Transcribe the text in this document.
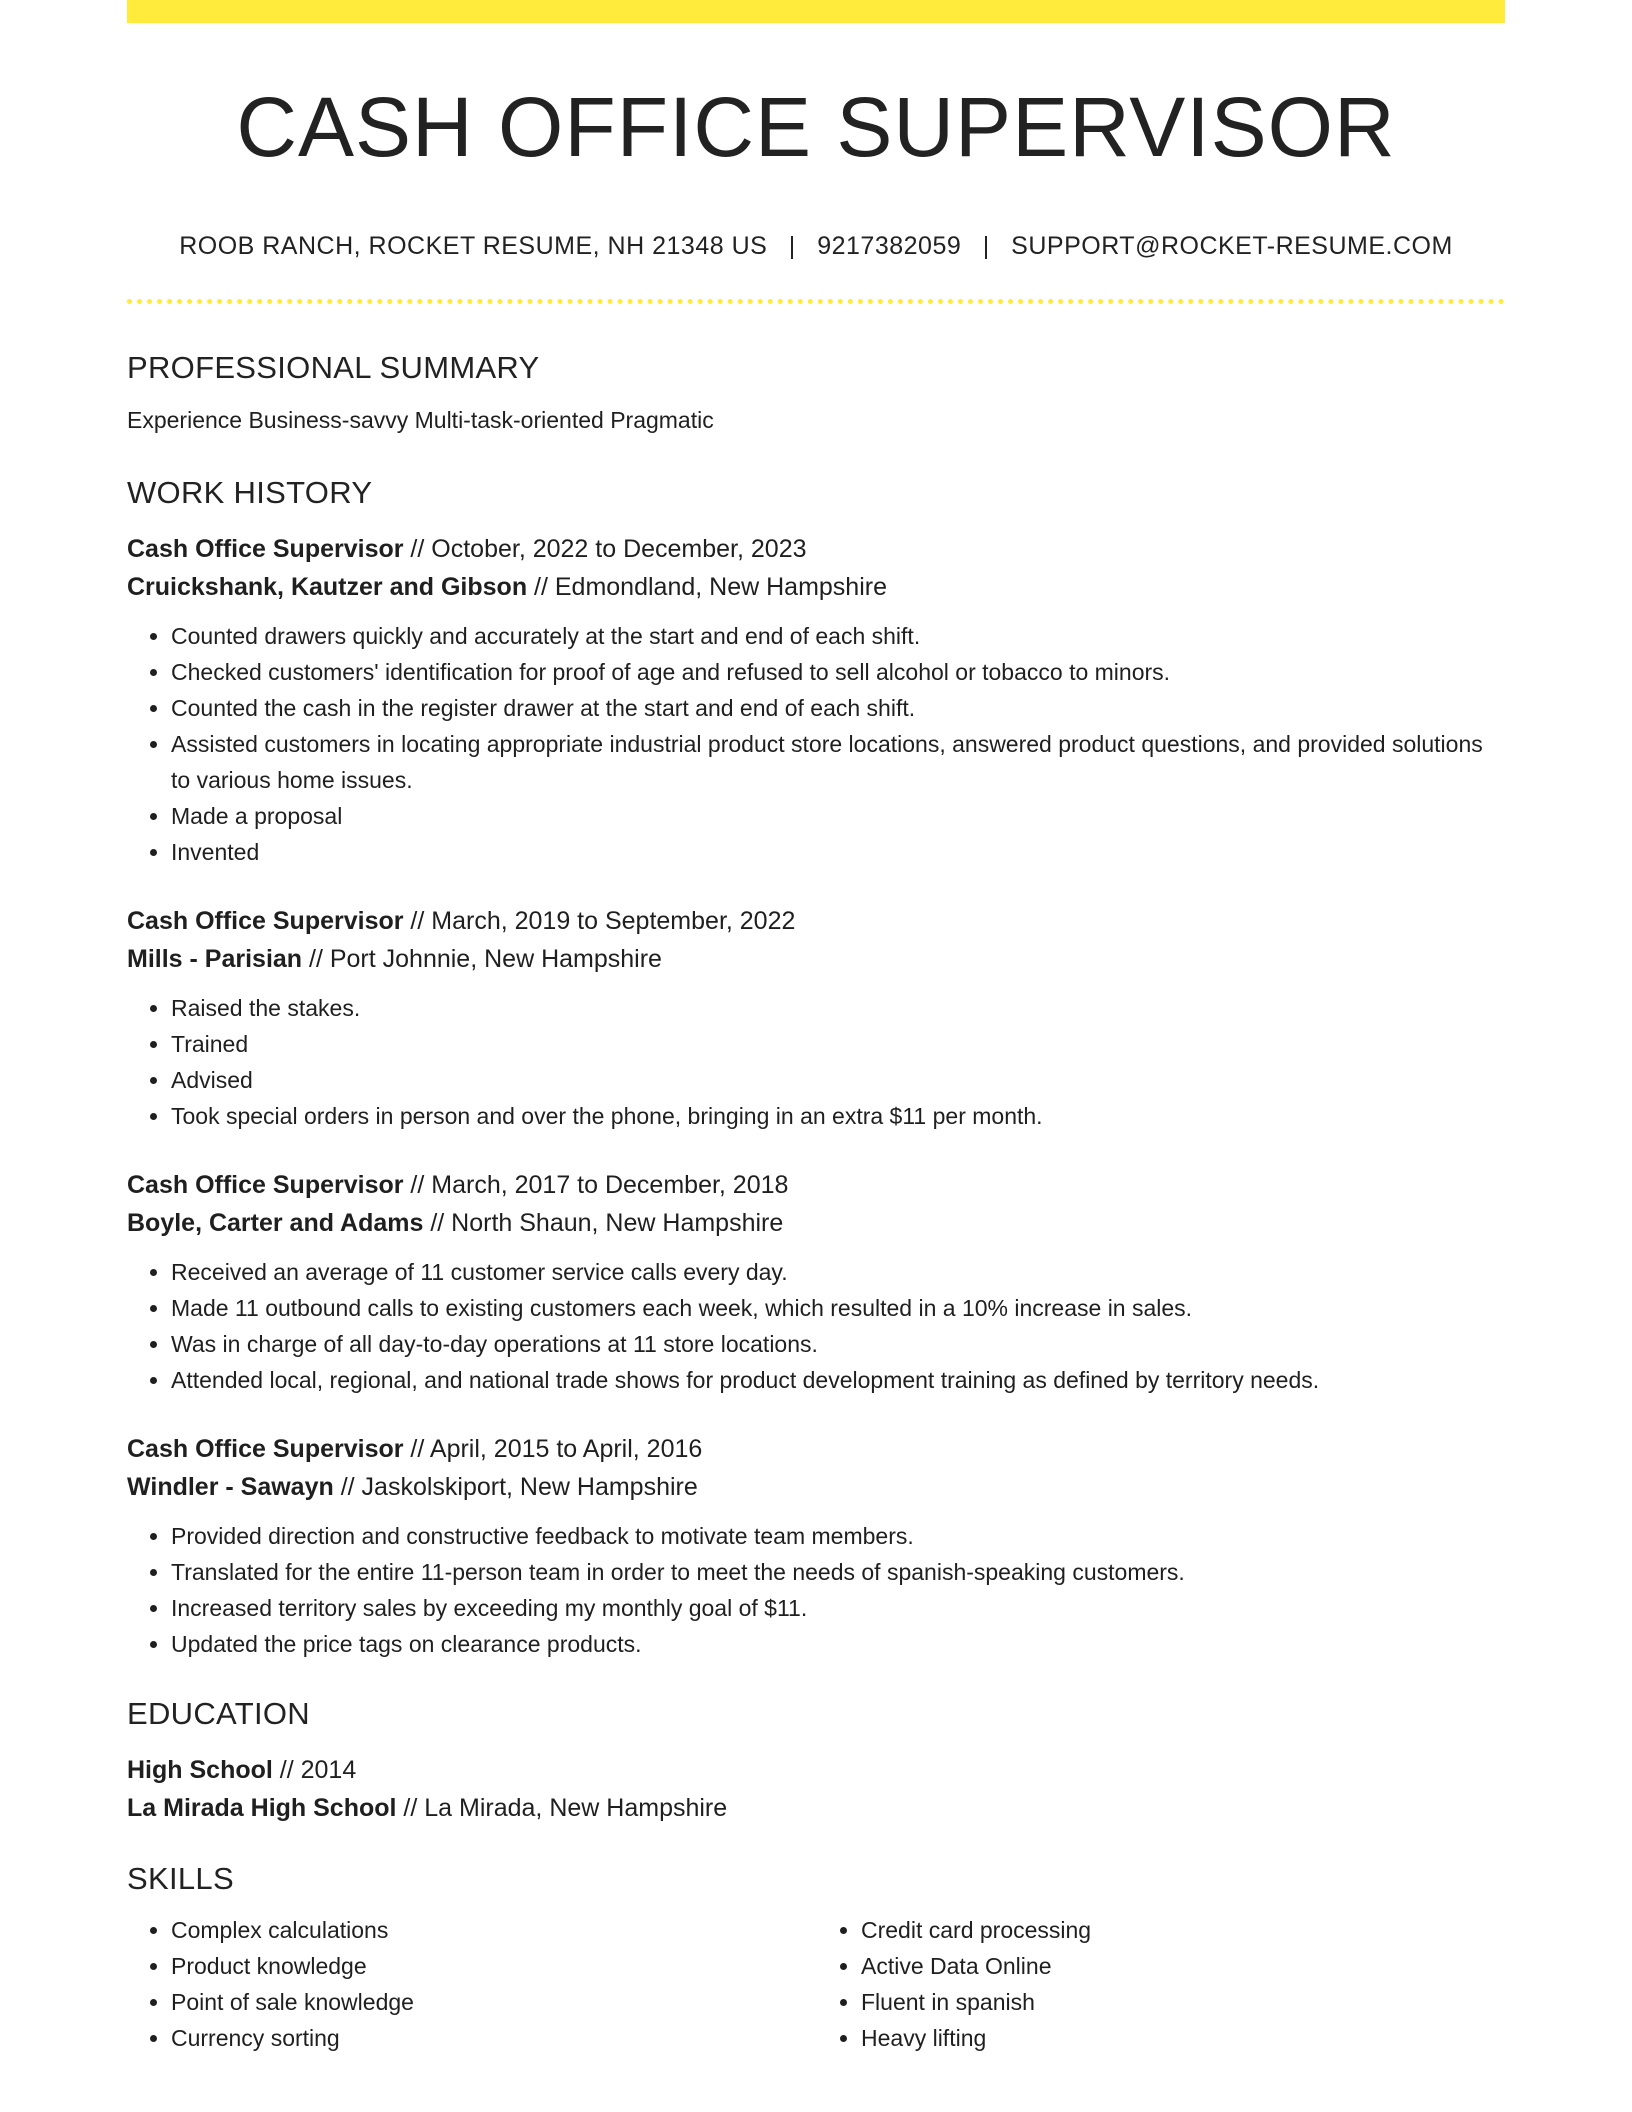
CASH OFFICE SUPERVISOR
ROOB RANCH, ROCKET RESUME, NH 21348 US | 9217382059 | SUPPORT@ROCKET-RESUME.COM
PROFESSIONAL SUMMARY
Experience Business-savvy Multi-task-oriented Pragmatic
WORK HISTORY
Cash Office Supervisor // October, 2022 to December, 2023
Cruickshank, Kautzer and Gibson // Edmondland, New Hampshire
• Counted drawers quickly and accurately at the start and end of each shift.
• Checked customers' identification for proof of age and refused to sell alcohol or tobacco to minors.
• Counted the cash in the register drawer at the start and end of each shift.
• Assisted customers in locating appropriate industrial product store locations, answered product questions, and provided solutions to various home issues.
• Made a proposal
• Invented
Cash Office Supervisor // March, 2019 to September, 2022
Mills - Parisian // Port Johnnie, New Hampshire
• Raised the stakes.
• Trained
• Advised
• Took special orders in person and over the phone, bringing in an extra $11 per month.
Cash Office Supervisor // March, 2017 to December, 2018
Boyle, Carter and Adams // North Shaun, New Hampshire
• Received an average of 11 customer service calls every day.
• Made 11 outbound calls to existing customers each week, which resulted in a 10% increase in sales.
• Was in charge of all day-to-day operations at 11 store locations.
• Attended local, regional, and national trade shows for product development training as defined by territory needs.
Cash Office Supervisor // April, 2015 to April, 2016
Windler - Sawayn // Jaskolskiport, New Hampshire
• Provided direction and constructive feedback to motivate team members.
• Translated for the entire 11-person team in order to meet the needs of spanish-speaking customers.
• Increased territory sales by exceeding my monthly goal of $11.
• Updated the price tags on clearance products.
EDUCATION
High School // 2014
La Mirada High School // La Mirada, New Hampshire
SKILLS
• Complex calculations
• Product knowledge
• Point of sale knowledge
• Currency sorting
• Credit card processing
• Active Data Online
• Fluent in spanish
• Heavy lifting
